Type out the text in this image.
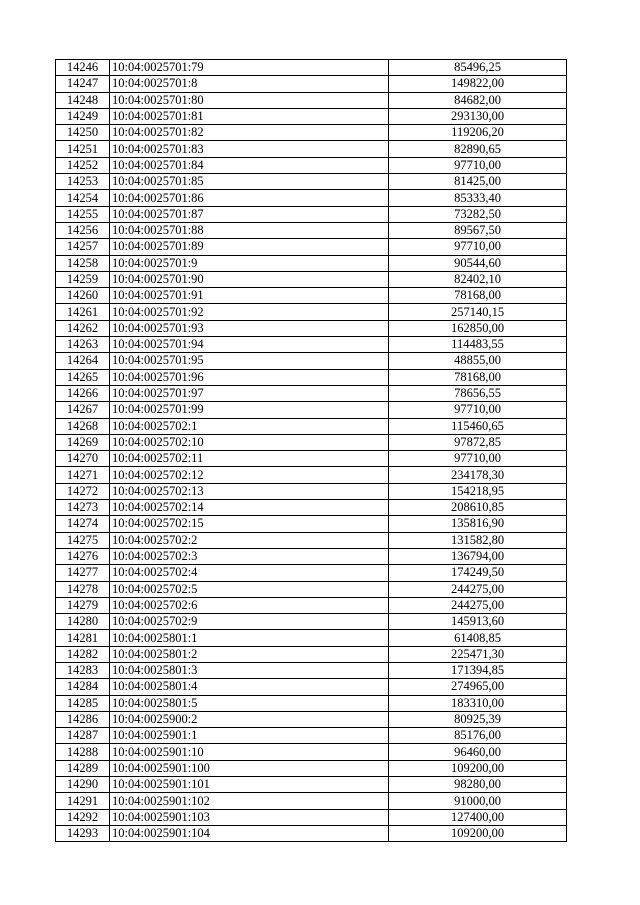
14246	10:04:0025701:79	85496,25
14247	10:04:0025701:8	149822,00
14248	10:04:0025701:80	84682,00
14249	10:04:0025701:81	293130,00
14250	10:04:0025701:82	119206,20
14251	10:04:0025701:83	82890,65
14252	10:04:0025701:84	97710,00
14253	10:04:0025701:85	81425,00
14254	10:04:0025701:86	85333,40
14255	10:04:0025701:87	73282,50
14256	10:04:0025701:88	89567,50
14257	10:04:0025701:89	97710,00
14258	10:04:0025701:9	90544,60
14259	10:04:0025701:90	82402,10
14260	10:04:0025701:91	78168,00
14261	10:04:0025701:92	257140,15
14262	10:04:0025701:93	162850,00
14263	10:04:0025701:94	114483,55
14264	10:04:0025701:95	48855,00
14265	10:04:0025701:96	78168,00
14266	10:04:0025701:97	78656,55
14267	10:04:0025701:99	97710,00
14268	10:04:0025702:1	115460,65
14269	10:04:0025702:10	97872,85
14270	10:04:0025702:11	97710,00
14271	10:04:0025702:12	234178,30
14272	10:04:0025702:13	154218,95
14273	10:04:0025702:14	208610,85
14274	10:04:0025702:15	135816,90
14275	10:04:0025702:2	131582,80
14276	10:04:0025702:3	136794,00
14277	10:04:0025702:4	174249,50
14278	10:04:0025702:5	244275,00
14279	10:04:0025702:6	244275,00
14280	10:04:0025702:9	145913,60
14281	10:04:0025801:1	61408,85
14282	10:04:0025801:2	225471,30
14283	10:04:0025801:3	171394,85
14284	10:04:0025801:4	274965,00
14285	10:04:0025801:5	183310,00
14286	10:04:0025900:2	80925,39
14287	10:04:0025901:1	85176,00
14288	10:04:0025901:10	96460,00
14289	10:04:0025901:100	109200,00
14290	10:04:0025901:101	98280,00
14291	10:04:0025901:102	91000,00
14292	10:04:0025901:103	127400,00
14293	10:04:0025901:104	109200,00
